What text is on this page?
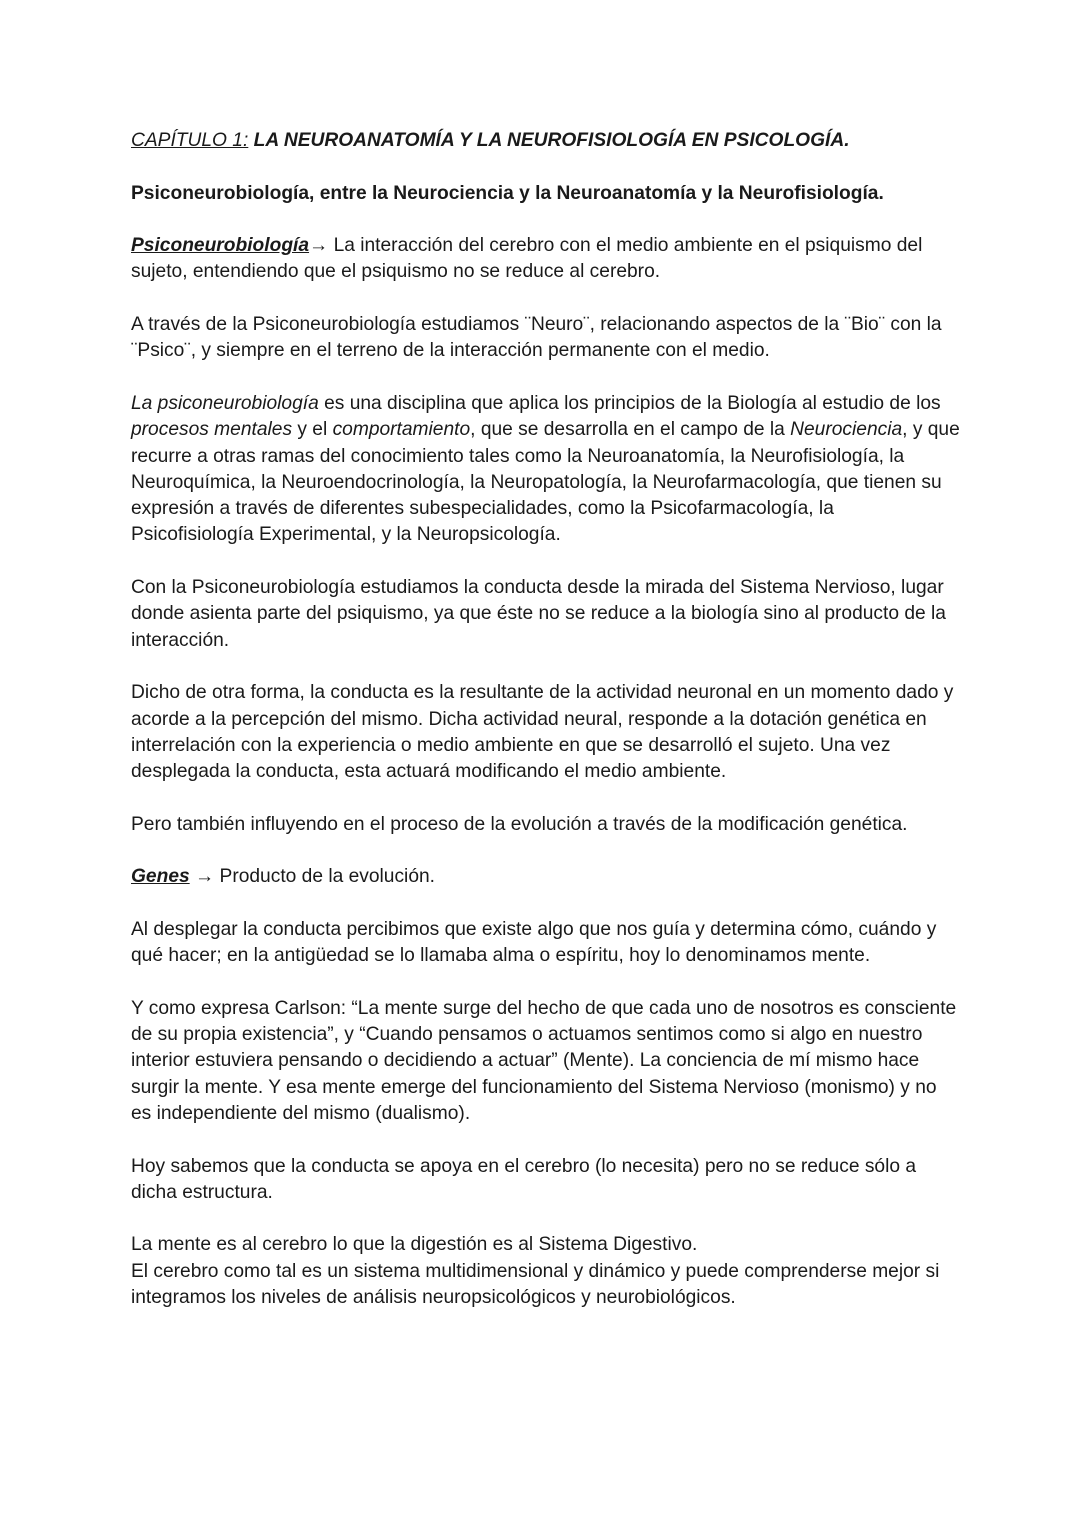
CAPÍTULO 1: LA NEUROANATOMÍA Y LA NEUROFISIOLOGÍA EN PSICOLOGÍA.

Psiconeurobiología, entre la Neurociencia y la Neuroanatomía y la Neurofisiología.

Psiconeurobiología→ La interacción del cerebro con el medio ambiente en el psiquismo del sujeto, entendiendo que el psiquismo no se reduce al cerebro.

A través de la Psiconeurobiología estudiamos ¨Neuro¨, relacionando aspectos de la ¨Bio¨ con la ¨Psico¨, y siempre en el terreno de la interacción permanente con el medio.

La psiconeurobiología es una disciplina que aplica los principios de la Biología al estudio de los procesos mentales y el comportamiento, que se desarrolla en el campo de la Neurociencia, y que recurre a otras ramas del conocimiento tales como la Neuroanatomía, la Neurofisiología, la Neuroquímica, la Neuroendocrinología, la Neuropatología, la Neurofarmacología, que tienen su expresión a través de diferentes subespecialidades, como la Psicofarmacología, la Psicofisiología Experimental, y la Neuropsicología.

Con la Psiconeurobiología estudiamos la conducta desde la mirada del Sistema Nervioso, lugar donde asienta parte del psiquismo, ya que éste no se reduce a la biología sino al producto de la interacción.

Dicho de otra forma, la conducta es la resultante de la actividad neuronal en un momento dado y acorde a la percepción del mismo. Dicha actividad neural, responde a la dotación genética en interrelación con la experiencia o medio ambiente en que se desarrolló el sujeto. Una vez desplegada la conducta, esta actuará modificando el medio ambiente.

Pero también influyendo en el proceso de la evolución a través de la modificación genética.

Genes → Producto de la evolución.

Al desplegar la conducta percibimos que existe algo que nos guía y determina cómo, cuándo y qué hacer; en la antigüedad se lo llamaba alma o espíritu, hoy lo denominamos mente.

Y como expresa Carlson: “La mente surge del hecho de que cada uno de nosotros es consciente de su propia existencia”, y “Cuando pensamos o actuamos sentimos como si algo en nuestro interior estuviera pensando o decidiendo a actuar” (Mente). La conciencia de mí mismo hace surgir la mente. Y esa mente emerge del funcionamiento del Sistema Nervioso (monismo) y no es independiente del mismo (dualismo).

Hoy sabemos que la conducta se apoya en el cerebro (lo necesita) pero no se reduce sólo a dicha estructura.

La mente es al cerebro lo que la digestión es al Sistema Digestivo.
El cerebro como tal es un sistema multidimensional y dinámico y puede comprenderse mejor si integramos los niveles de análisis neuropsicológicos y neurobiológicos.
